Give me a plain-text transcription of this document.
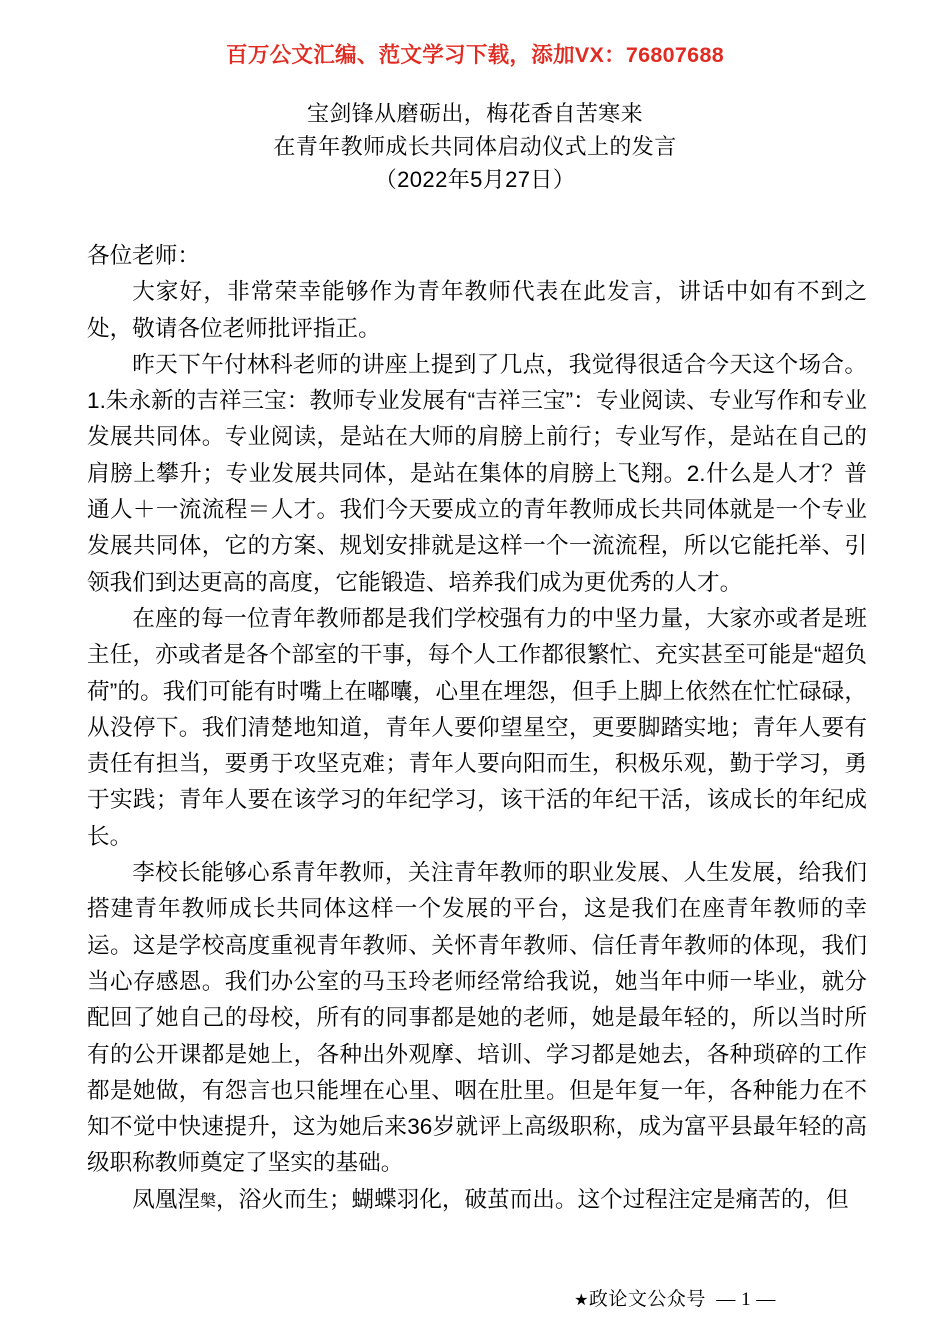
百万公文汇编、范文学习下载，添加VX：76807688
宝剑锋从磨砺出，梅花香自苦寒来
在青年教师成长共同体启动仪式上的发言
（2022年5月27日）

各位老师：

大家好，非常荣幸能够作为青年教师代表在此发言，讲话中如有不到之处，敬请各位老师批评指正。

昨天下午付林科老师的讲座上提到了几点，我觉得很适合今天这个场合。1.朱永新的吉祥三宝：教师专业发展有“吉祥三宝”：专业阅读、专业写作和专业发展共同体。专业阅读，是站在大师的肩膀上前行；专业写作，是站在自己的肩膀上攀升；专业发展共同体，是站在集体的肩膀上飞翔。2.什么是人才？普通人＋一流流程＝人才。我们今天要成立的青年教师成长共同体就是一个专业发展共同体，它的方案、规划安排就是这样一个一流流程，所以它能托举、引领我们到达更高的高度，它能锻造、培养我们成为更优秀的人才。

在座的每一位青年教师都是我们学校强有力的中坚力量，大家亦或者是班主任，亦或者是各个部室的干事，每个人工作都很繁忙、充实甚至可能是“超负荷”的。我们可能有时嘴上在嘟囔，心里在埋怨，但手上脚上依然在忙忙碌碌，从没停下。我们清楚地知道，青年人要仰望星空，更要脚踏实地；青年人要有责任有担当，要勇于攻坚克难；青年人要向阳而生，积极乐观，勤于学习，勇于实践；青年人要在该学习的年纪学习，该干活的年纪干活，该成长的年纪成长。

李校长能够心系青年教师，关注青年教师的职业发展、人生发展，给我们搭建青年教师成长共同体这样一个发展的平台，这是我们在座青年教师的幸运。这是学校高度重视青年教师、关怀青年教师、信任青年教师的体现，我们当心存感恩。我们办公室的马玉玲老师经常给我说，她当年中师一毕业，就分配回了她自己的母校，所有的同事都是她的老师，她是最年轻的，所以当时所有的公开课都是她上，各种出外观摩、培训、学习都是她去，各种琐碎的工作都是她做，有怨言也只能埋在心里、咽在肚里。但是年复一年，各种能力在不知不觉中快速提升，这为她后来36岁就评上高级职称，成为富平县最年轻的高级职称教师奠定了坚实的基础。

凤凰涅槃，浴火而生；蝴蝶羽化，破茧而出。这个过程注定是痛苦的，但

★政论文公众号 — 1 —
